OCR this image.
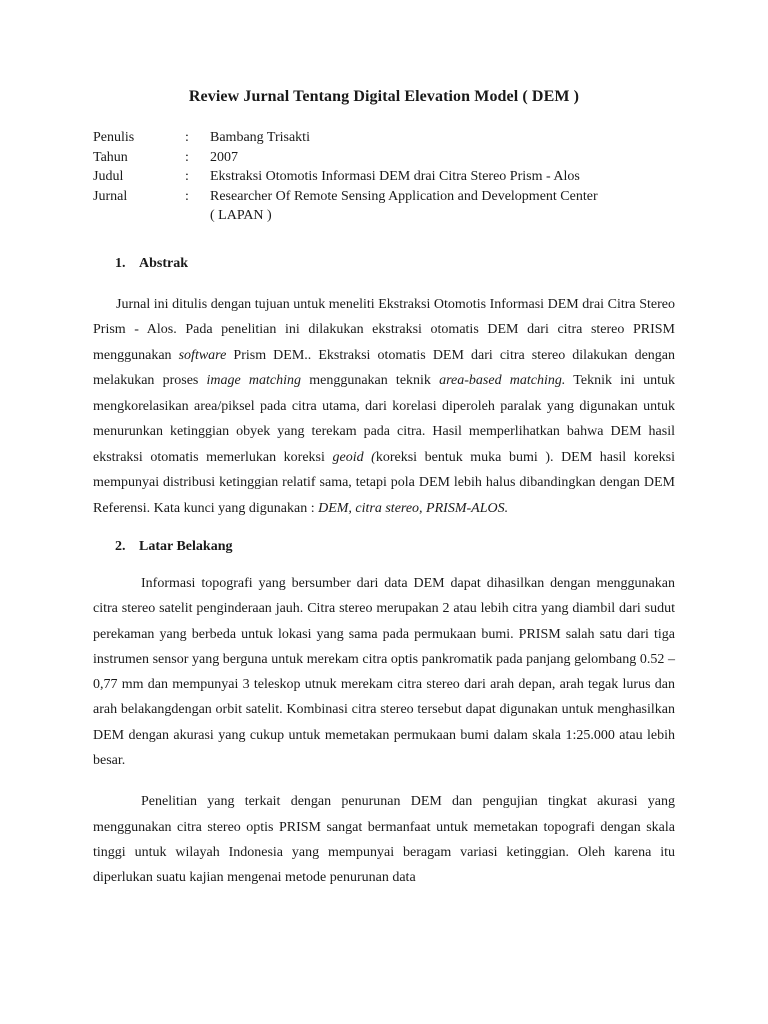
Review Jurnal Tentang Digital Elevation Model ( DEM )
Penulis	:	Bambang Trisakti
Tahun	:	2007
Judul	:	Ekstraksi Otomotis Informasi DEM drai Citra Stereo Prism - Alos
Jurnal	:	Researcher Of Remote Sensing Application and Development Center
( LAPAN )
1. Abstrak

Jurnal ini ditulis dengan tujuan untuk meneliti Ekstraksi Otomotis Informasi DEM drai Citra Stereo Prism - Alos. Pada penelitian ini dilakukan ekstraksi otomatis DEM dari citra stereo PRISM menggunakan software Prism DEM.. Ekstraksi otomatis DEM dari citra stereo dilakukan dengan melakukan proses image matching menggunakan teknik area-based matching. Teknik ini untuk mengkorelasikan area/piksel pada citra utama, dari korelasi diperoleh paralak yang digunakan untuk menurunkan ketinggian obyek yang terekam pada citra. Hasil memperlihatkan bahwa DEM hasil ekstraksi otomatis memerlukan koreksi geoid (koreksi bentuk muka bumi ). DEM hasil koreksi mempunyai distribusi ketinggian relatif sama, tetapi pola DEM lebih halus dibandingkan dengan DEM Referensi. Kata kunci yang digunakan : DEM, citra stereo, PRISM-ALOS.

2. Latar Belakang

Informasi topografi yang bersumber dari data DEM dapat dihasilkan dengan menggunakan citra stereo satelit penginderaan jauh. Citra stereo merupakan 2 atau lebih citra yang diambil dari sudut perekaman yang berbeda untuk lokasi yang sama pada permukaan bumi. PRISM salah satu dari tiga instrumen sensor yang berguna untuk merekam citra optis pankromatik pada panjang gelombang 0.52 – 0,77 mm dan mempunyai 3 teleskop utnuk merekam citra stereo dari arah depan, arah tegak lurus dan arah belakangdengan orbit satelit. Kombinasi citra stereo tersebut dapat digunakan untuk menghasilkan DEM dengan akurasi yang cukup untuk memetakan permukaan bumi dalam skala 1:25.000 atau lebih besar.

Penelitian yang terkait dengan penurunan DEM dan pengujian tingkat akurasi yang menggunakan citra stereo optis PRISM sangat bermanfaat untuk memetakan topografi dengan skala tinggi untuk wilayah Indonesia yang mempunyai beragam variasi ketinggian. Oleh karena itu diperlukan suatu kajian mengenai metode penurunan data
